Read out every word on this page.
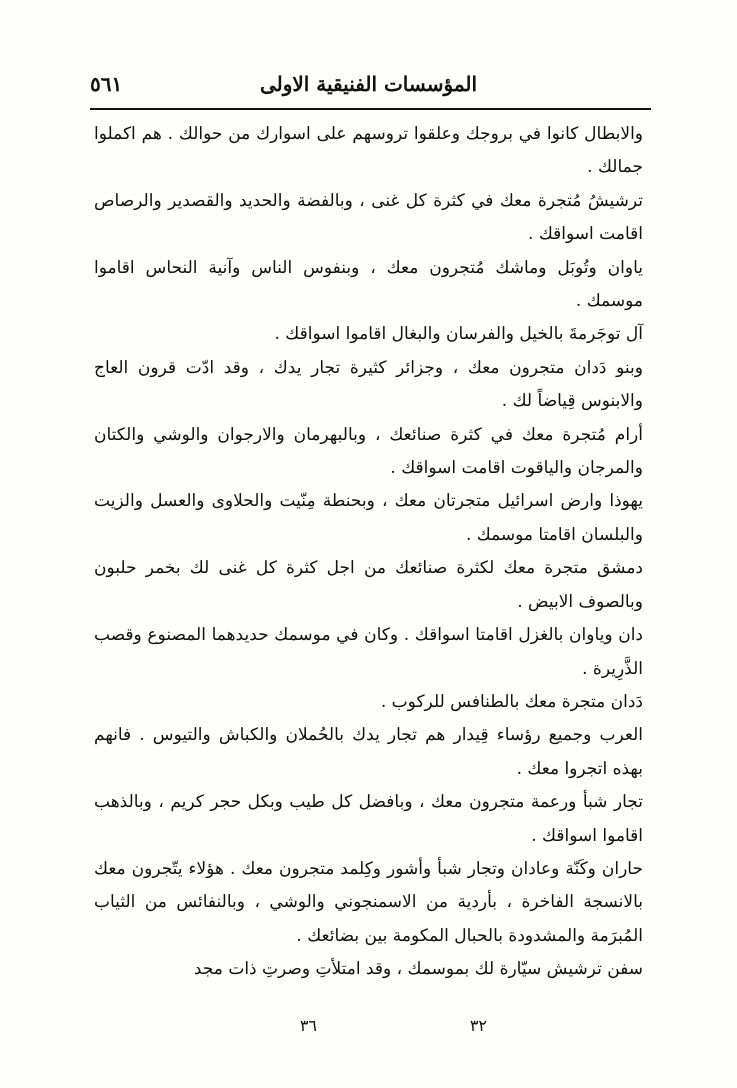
المؤسسات الفنيقية الاولى
٥٦١

والابطال كانوا في بروجك وعلقوا تروسهم على اسوارك من حوالك . هم اكملوا جمالك .

ترشيشُ مُتجرة معك في كثرة كل غنى ، وبالفضة والحديد والقصدير والرصاص اقامت اسواقك .

ياوان وتُوبَل وماشك مُتجرون معك ، وبنفوس الناس وآنية النحاس اقاموا موسمك .

آل توجَرمةَ بالخيل والفرسان والبغال اقاموا اسواقك .

وبنو دَدان متجرون معك ، وجزائر كثيرة تجار يدك ، وقد ادّت قرون العاج والابنوس قِياضاً لك .

أرام مُتجرة معك في كثرة صنائعك ، وبالبهرمان والارجوان والوشي والكتان والمرجان والياقوت اقامت اسواقك .

يهوذا وارض اسرائيل متجرتان معك ، وبحنطة مِنّيت والحلاوى والعسل والزيت والبلسان اقامتا موسمك .

دمشق متجرة معك لكثرة صنائعك من اجل كثرة كل غنى لك بخمر حلبون وبالصوف الابيض .

دان وياوان بالغزل اقامتا اسواقك . وكان في موسمك حديدهما المصنوع وقصب الذَّرِيرة .

دَدان متجرة معك بالطنافس للركوب .

العرب وجميع رؤساء قِيدار هم تجار يدك بالحُملان والكباش والتيوس . فانهم بهذه اتجروا معك .

تجار شبأ ورعمة متجرون معك ، وبافضل كل طيب وبكل حجر كريم ، وبالذهب اقاموا اسواقك .

حاران وكَنّة وعادان وتجار شبأ وأشور وكِلمد متجرون معك . هؤلاء يتّجرون معك بالانسجة الفاخرة ، بأردية من الاسمنجوني والوشي ، وبالنفائس من الثياب المُبرَمة والمشدودة بالحبال المكومة بين بضائعك .

سفن ترشيش سيّارة لك بموسمك ، وقد امتلأتِ وصرتِ ذات مجد

٣٢
٣٦
